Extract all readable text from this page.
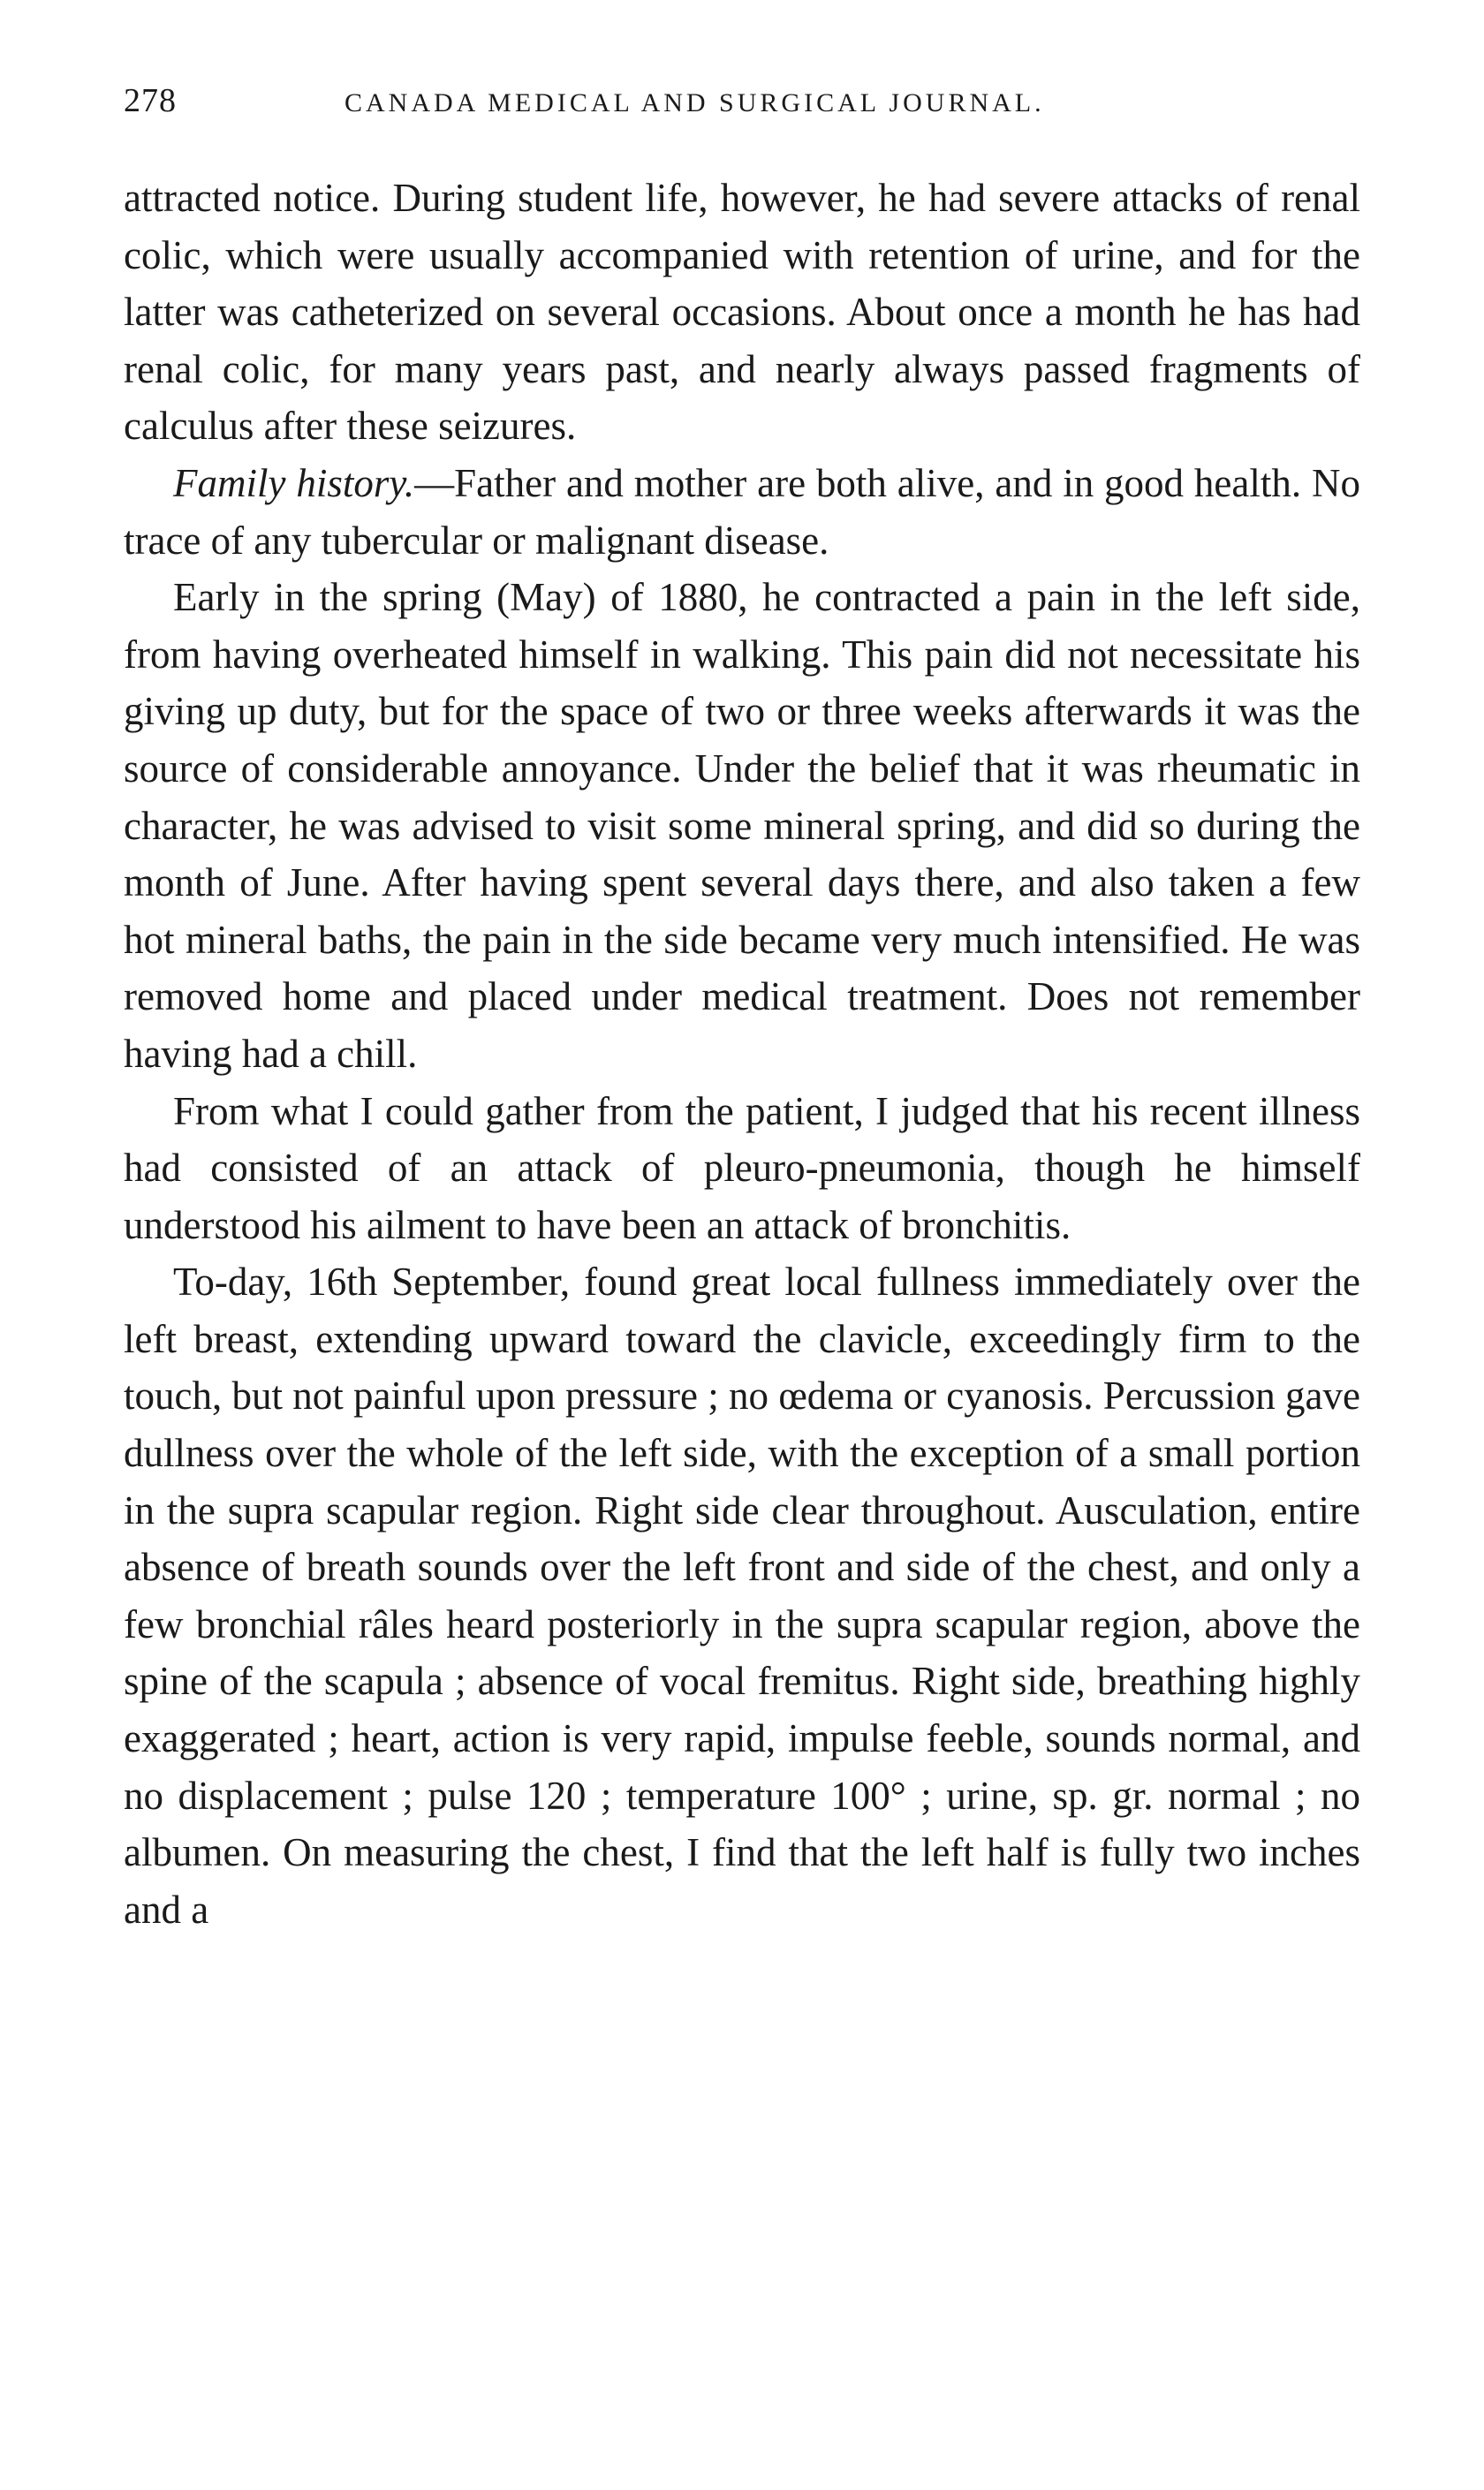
278	CANADA MEDICAL AND SURGICAL JOURNAL.

attracted notice. During student life, however, he had severe attacks of renal colic, which were usually accompanied with retention of urine, and for the latter was catheterized on several occasions. About once a month he has had renal colic, for many years past, and nearly always passed fragments of calculus after these seizures.

Family history.—Father and mother are both alive, and in good health. No trace of any tubercular or malignant disease.

Early in the spring (May) of 1880, he contracted a pain in the left side, from having overheated himself in walking. This pain did not necessitate his giving up duty, but for the space of two or three weeks afterwards it was the source of considerable annoyance. Under the belief that it was rheumatic in character, he was advised to visit some mineral spring, and did so during the month of June. After having spent several days there, and also taken a few hot mineral baths, the pain in the side became very much intensified. He was removed home and placed under medical treatment. Does not remember having had a chill.

From what I could gather from the patient, I judged that his recent illness had consisted of an attack of pleuro-pneumonia, though he himself understood his ailment to have been an attack of bronchitis.

To-day, 16th September, found great local fullness immediately over the left breast, extending upward toward the clavicle, exceedingly firm to the touch, but not painful upon pressure ; no œdema or cyanosis. Percussion gave dullness over the whole of the left side, with the exception of a small portion in the supra scapular region. Right side clear throughout. Ausculation, entire absence of breath sounds over the left front and side of the chest, and only a few bronchial râles heard posteriorly in the supra scapular region, above the spine of the scapula ; absence of vocal fremitus. Right side, breathing highly exaggerated ; heart, action is very rapid, impulse feeble, sounds normal, and no displacement ; pulse 120 ; temperature 100° ; urine, sp. gr. normal ; no albumen. On measuring the chest, I find that the left half is fully two inches and a
